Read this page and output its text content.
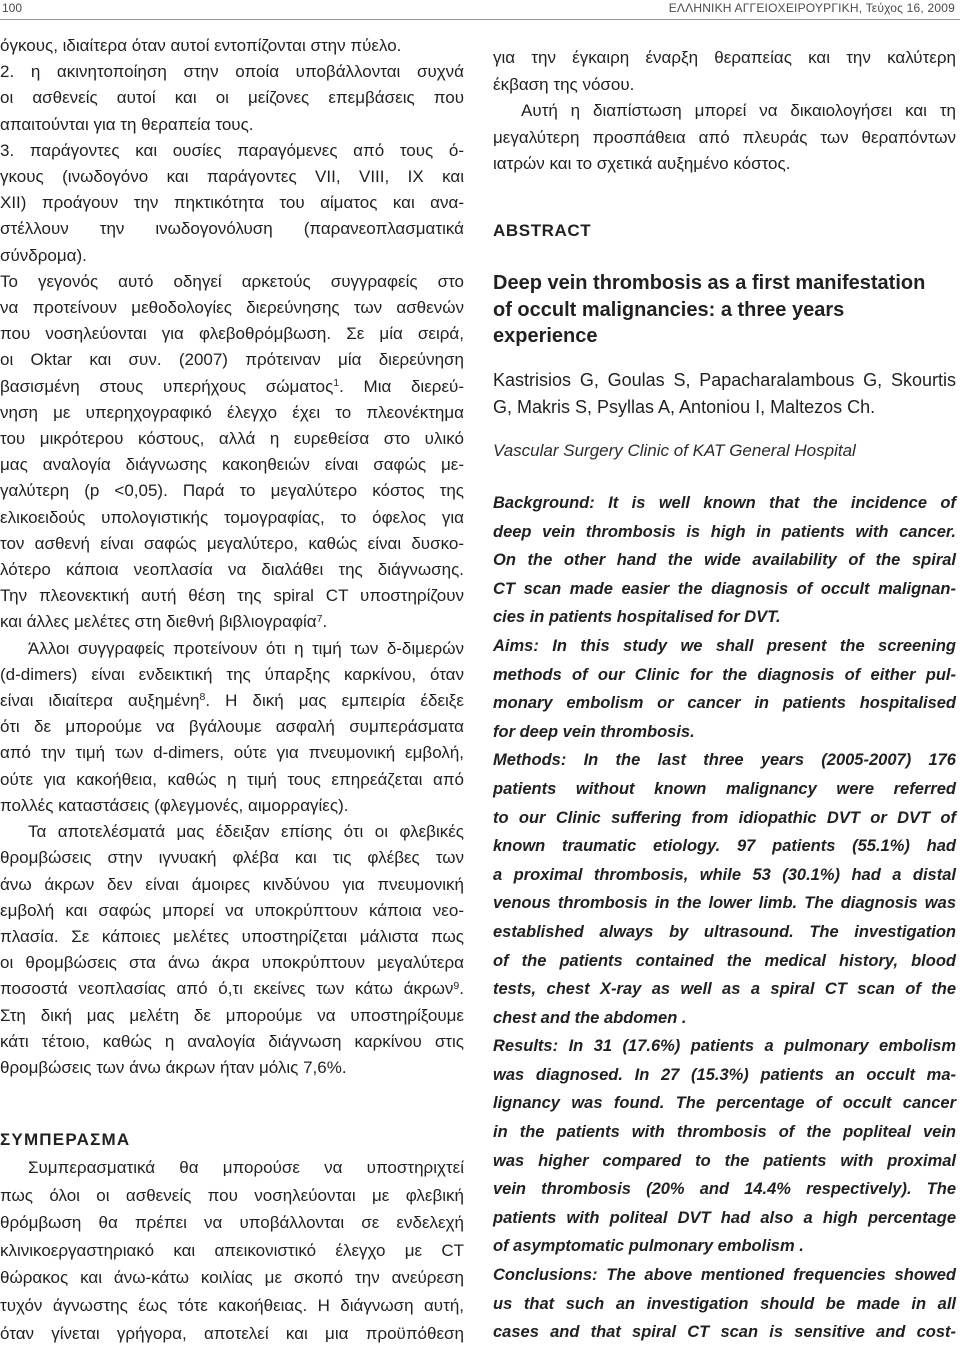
100	ΕΛΛΗΝΙΚΗ ΑΓΓΕΙΟΧΕΙΡΟΥΡΓΙΚΗ, Τεύχος 16, 2009
όγκους, ιδιαίτερα όταν αυτοί εντοπίζονται στην πύελο.
2. η ακινητοποίηση στην οποία υποβάλλονται συχνά
οι ασθενείς αυτοί και οι μείζονες επεμβάσεις που
απαιτούνται για τη θεραπεία τους.
3. παράγοντες και ουσίες παραγόμενες από τους ό-
γκους (ινωδογόνο και παράγοντες VII, VIII, IX και
XII) προάγουν την πηκτικότητα του αίματος και ανα-
στέλλουν την ινωδογονόλυση (παρανεοπλασματικά
σύνδρομα).
Το γεγονός αυτό οδηγεί αρκετούς συγγραφείς στο
να προτείνουν μεθοδολογίες διερεύνησης των ασθενών
που νοσηλεύονται για φλεβοθρόμβωση. Σε μία σειρά,
οι Oktar και συν. (2007) πρότειναν μία διερεύνηση
βασισμένη στους υπερήχους σώματος$^1$. Μια διερεύ-
νηση με υπερηχογραφικό έλεγχο έχει το πλεονέκτημα
του μικρότερου κόστους, αλλά η ευρεθείσα στο υλικό
μας αναλογία διάγνωσης κακοηθειών είναι σαφώς με-
γαλύτερη (p <0,05). Παρά το μεγαλύτερο κόστος της
ελικοειδούς υπολογιστικής τομογραφίας, το όφελος για
τον ασθενή είναι σαφώς μεγαλύτερο, καθώς είναι δυσκο-
λότερο κάποια νεοπλασία να διαλάθει της διάγνωσης.
Την πλεονεκτική αυτή θέση της spiral CT υποστηρίζουν
και άλλες μελέτες στη διεθνή βιβλιογραφία$^7$.
Άλλοι συγγραφείς προτείνουν ότι η τιμή των δ-διμερών
(d-dimers) είναι ενδεικτική της ύπαρξης καρκίνου, όταν
είναι ιδιαίτερα αυξημένη$^8$. Η δική μας εμπειρία έδειξε
ότι δε μπορούμε να βγάλουμε ασφαλή συμπεράσματα
από την τιμή των d-dimers, ούτε για πνευμονική εμβολή,
ούτε για κακοήθεια, καθώς η τιμή τους επηρεάζεται από
πολλές καταστάσεις (φλεγμονές, αιμορραγίες).
Τα αποτελέσματά μας έδειξαν επίσης ότι οι φλεβικές
θρομβώσεις στην ιγνυακή φλέβα και τις φλέβες των
άνω άκρων δεν είναι άμοιρες κινδύνου για πνευμονική
εμβολή και σαφώς μπορεί να υποκρύπτουν κάποια νεο-
πλασία. Σε κάποιες μελέτες υποστηρίζεται μάλιστα πως
οι θρομβώσεις στα άνω άκρα υποκρύπτουν μεγαλύτερα
ποσοστά νεοπλασίας από ό,τι εκείνες των κάτω άκρων$^9$.
Στη δική μας μελέτη δε μπορούμε να υποστηρίξουμε
κάτι τέτοιο, καθώς η αναλογία διάγνωση καρκίνου στις
θρομβώσεις των άνω άκρων ήταν μόλις 7,6%.
ΣΥΜΠΕΡΑΣΜΑ
Συμπερασματικά θα μπορούσε να υποστηριχτεί
πως όλοι οι ασθενείς που νοσηλεύονται με φλεβική
θρόμβωση θα πρέπει να υποβάλλονται σε ενδελεχή
κλινικοεργαστηριακό και απεικονιστικό έλεγχο με CT
θώρακος και άνω-κάτω κοιλίας με σκοπό την ανεύρεση
τυχόν άγνωστης έως τότε κακοήθειας. Η διάγνωση αυτή,
όταν γίνεται γρήγορα, αποτελεί και μια προϋπόθεση
για την έγκαιρη έναρξη θεραπείας και την καλύτερη
έκβαση της νόσου.
Αυτή η διαπίστωση μπορεί να δικαιολογήσει και τη
μεγαλύτερη προσπάθεια από πλευράς των θεραπόντων
ιατρών και το σχετικά αυξημένο κόστος.
ABSTRACT
Deep vein thrombosis as a first manifestation
of occult malignancies: a three years
experience
Kastrisios G, Goulas S, Papacharalambous G, Skourtis
G, Makris S, Psyllas A, Antoniou I, Maltezos Ch.
Vascular Surgery Clinic of KAT General Hospital
Background: It is well known that the incidence of
deep vein thrombosis is high in patients with cancer.
On the other hand the wide availability of the spiral
CT scan made easier the diagnosis of occult malignan-
cies in patients hospitalised for DVT.
Aims: In this study we shall present the screening
methods of our Clinic for the diagnosis of either pul-
monary embolism or cancer in patients hospitalised
for deep vein thrombosis.
Methods: In the last three years (2005-2007) 176
patients without known malignancy were referred
to our Clinic suffering from idiopathic DVT or DVT of
known traumatic etiology. 97 patients (55.1%) had
a proximal thrombosis, while 53 (30.1%) had a distal
venous thrombosis in the lower limb. The diagnosis was
established always by ultrasound. The investigation
of the patients contained the medical history, blood
tests, chest X-ray as well as a spiral CT scan of the
chest and the abdomen .
Results: In 31 (17.6%) patients a pulmonary embolism
was diagnosed. In 27 (15.3%) patients an occult ma-
lignancy was found. The percentage of occult cancer
in the patients with thrombosis of the popliteal vein
was higher compared to the patients with proximal
vein thrombosis (20% and 14.4% respectively). The
patients with politeal DVT had also a high percentage
of asymptomatic pulmonary embolism .
Conclusions: The above mentioned frequencies showed
us that such an investigation should be made in all
cases and that spiral CT scan is sensitive and cost-
